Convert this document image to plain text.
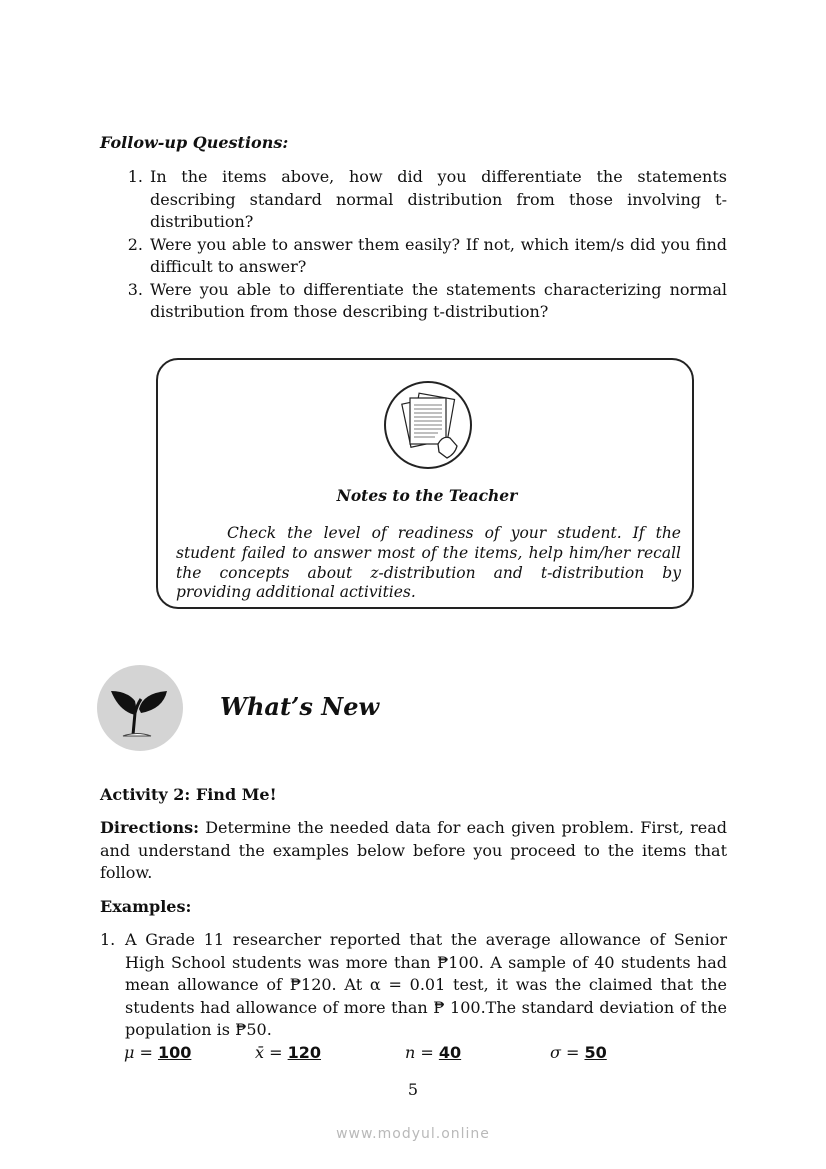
Follow-up Questions:
1. In the items above, how did you differentiate the statements describing standard normal distribution from those involving t-distribution?
2. Were you able to answer them easily? If not, which item/s did you find difficult to answer?
3. Were you able to differentiate the statements characterizing normal distribution from those describing t-distribution?
Notes to the Teacher
Check the level of readiness of your student. If the student failed to answer most of the items, help him/her recall the concepts about z-distribution and t-distribution by providing additional activities.
What’s New
Activity 2: Find Me!
Directions: Determine the needed data for each given problem. First, read and understand the examples below before you proceed to the items that follow.
Examples:
1. A Grade 11 researcher reported that the average allowance of Senior High School students was more than ₱100. A sample of 40 students had mean allowance of ₱120. At α = 0.01 test, it was the claimed that the students had allowance of more than ₱ 100.The standard deviation of the population is ₱50.
μ = 100	x̄ = 120	n = 40	σ = 50
5
www.modyul.online
